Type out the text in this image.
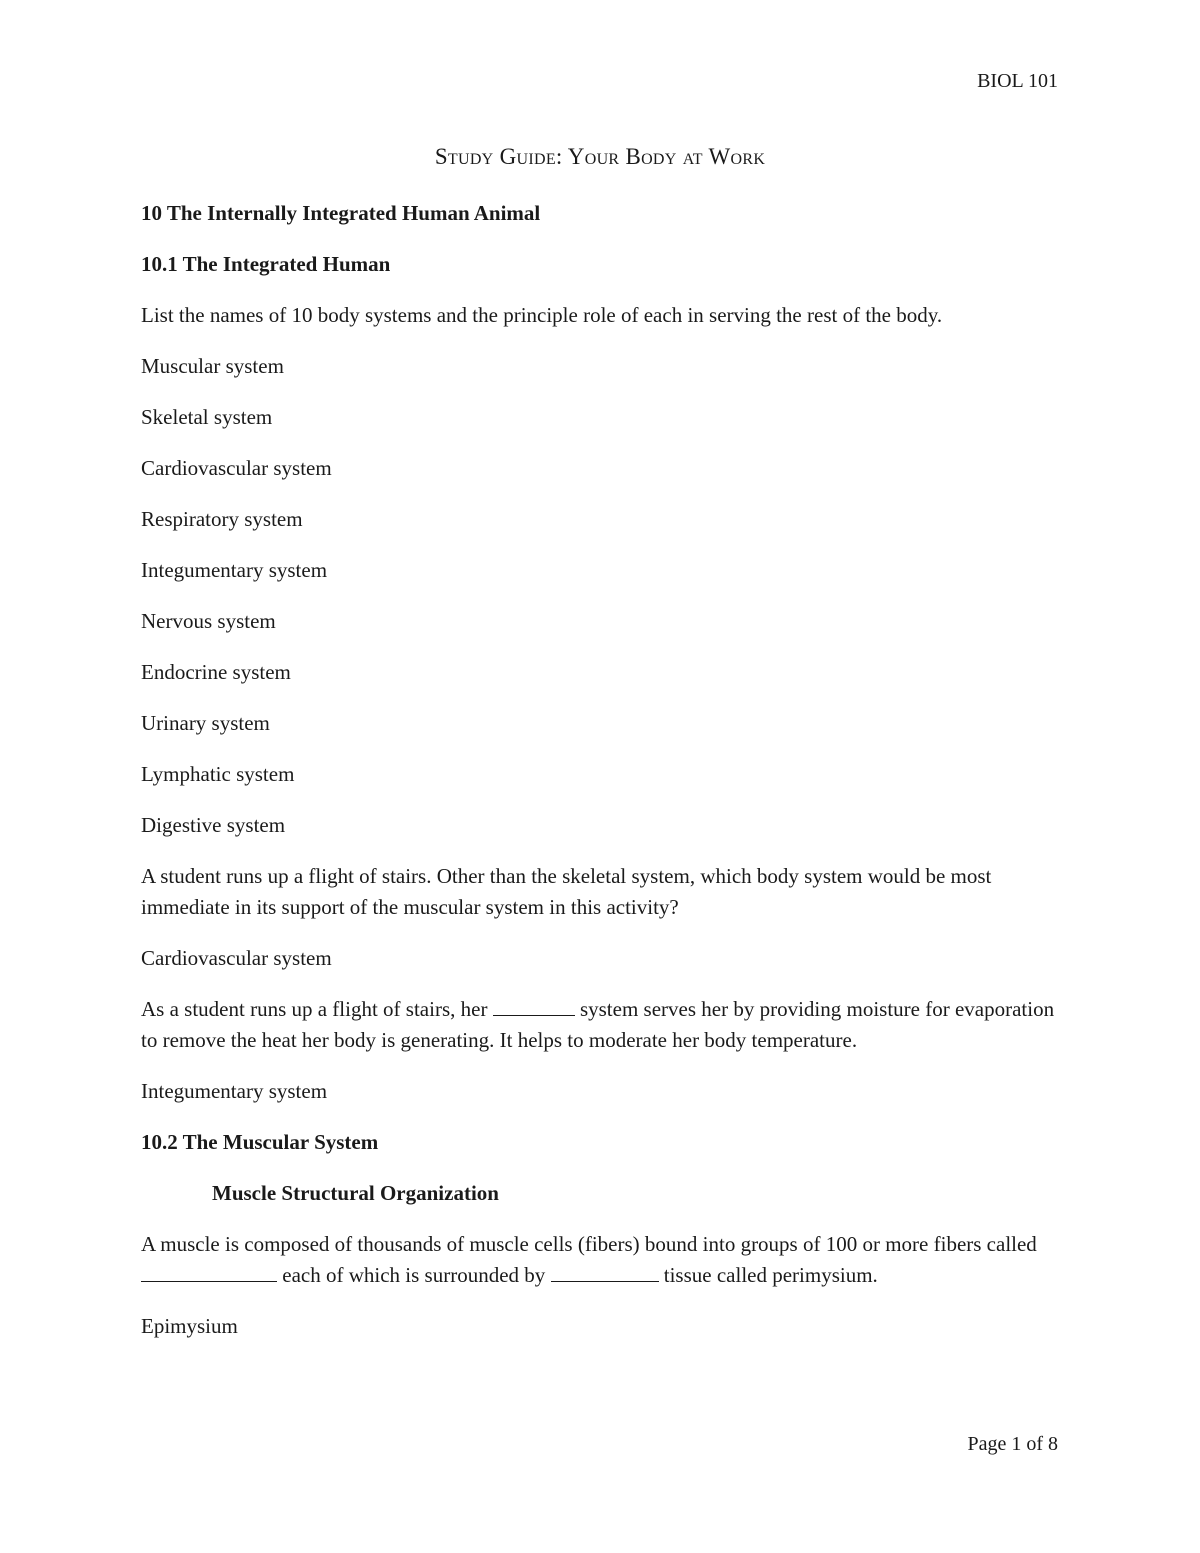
BIOL 101

Study Guide: Your Body at Work

10 The Internally Integrated Human Animal

10.1 The Integrated Human

List the names of 10 body systems and the principle role of each in serving the rest of the body.

Muscular system

Skeletal system

Cardiovascular system

Respiratory system

Integumentary system

Nervous system

Endocrine system

Urinary system

Lymphatic system

Digestive system

A student runs up a flight of stairs. Other than the skeletal system, which body system would be most immediate in its support of the muscular system in this activity?

Cardiovascular system

As a student runs up a flight of stairs, her	system serves her by providing moisture for evaporation to remove the heat her body is generating. It helps to moderate her body temperature.

Integumentary system

10.2 The Muscular System

Muscle Structural Organization

A muscle is composed of thousands of muscle cells (fibers) bound into groups of 100 or more fibers called  each of which is surrounded by	tissue called perimysium.

Epimysium

Page 1 of 8
